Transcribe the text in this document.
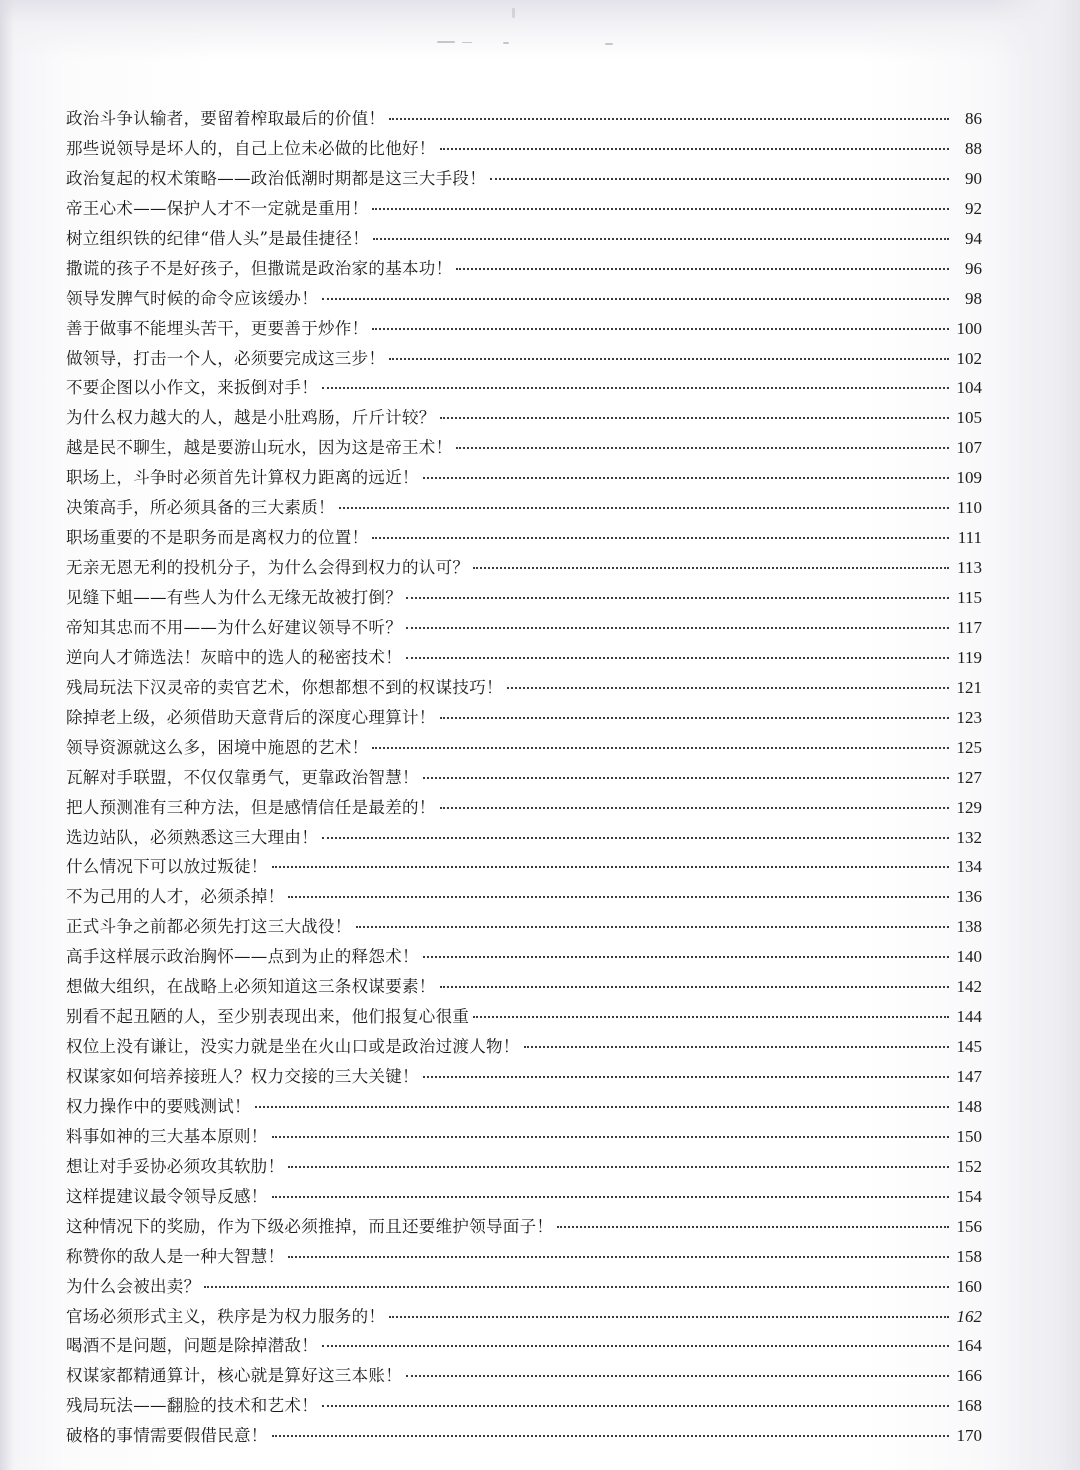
政治斗争认输者，要留着榨取最后的价值！	86
那些说领导是坏人的，自己上位未必做的比他好！	88
政治复起的权术策略——政治低潮时期都是这三大手段！	90
帝王心术——保护人才不一定就是重用！	92
树立组织铁的纪律“借人头”是最佳捷径！	94
撒谎的孩子不是好孩子，但撒谎是政治家的基本功！	96
领导发脾气时候的命令应该缓办！	98
善于做事不能埋头苦干，更要善于炒作！	100
做领导，打击一个人，必须要完成这三步！	102
不要企图以小作文，来扳倒对手！	104
为什么权力越大的人，越是小肚鸡肠，斤斤计较？	105
越是民不聊生，越是要游山玩水，因为这是帝王术！	107
职场上，斗争时必须首先计算权力距离的远近！	109
决策高手，所必须具备的三大素质！	110
职场重要的不是职务而是离权力的位置！	111
无亲无恩无利的投机分子，为什么会得到权力的认可？	113
见缝下蛆——有些人为什么无缘无故被打倒？	115
帝知其忠而不用——为什么好建议领导不听？	117
逆向人才筛选法！灰暗中的选人的秘密技术！	119
残局玩法下汉灵帝的卖官艺术，你想都想不到的权谋技巧！	121
除掉老上级，必须借助天意背后的深度心理算计！	123
领导资源就这么多，困境中施恩的艺术！	125
瓦解对手联盟，不仅仅靠勇气，更靠政治智慧！	127
把人预测准有三种方法，但是感情信任是最差的！	129
选边站队，必须熟悉这三大理由！	132
什么情况下可以放过叛徒！	134
不为己用的人才，必须杀掉！	136
正式斗争之前都必须先打这三大战役！	138
高手这样展示政治胸怀——点到为止的释怨术！	140
想做大组织，在战略上必须知道这三条权谋要素！	142
别看不起丑陋的人，至少别表现出来，他们报复心很重	144
权位上没有谦让，没实力就是坐在火山口或是政治过渡人物！	145
权谋家如何培养接班人？权力交接的三大关键！	147
权力操作中的要贱测试！	148
料事如神的三大基本原则！	150
想让对手妥协必须攻其软肋！	152
这样提建议最令领导反感！	154
这种情况下的奖励，作为下级必须推掉，而且还要维护领导面子！	156
称赞你的敌人是一种大智慧！	158
为什么会被出卖？	160
官场必须形式主义，秩序是为权力服务的！	162
喝酒不是问题，问题是除掉潜敌！	164
权谋家都精通算计，核心就是算好这三本账！	166
残局玩法——翻脸的技术和艺术！	168
破格的事情需要假借民意！	170
